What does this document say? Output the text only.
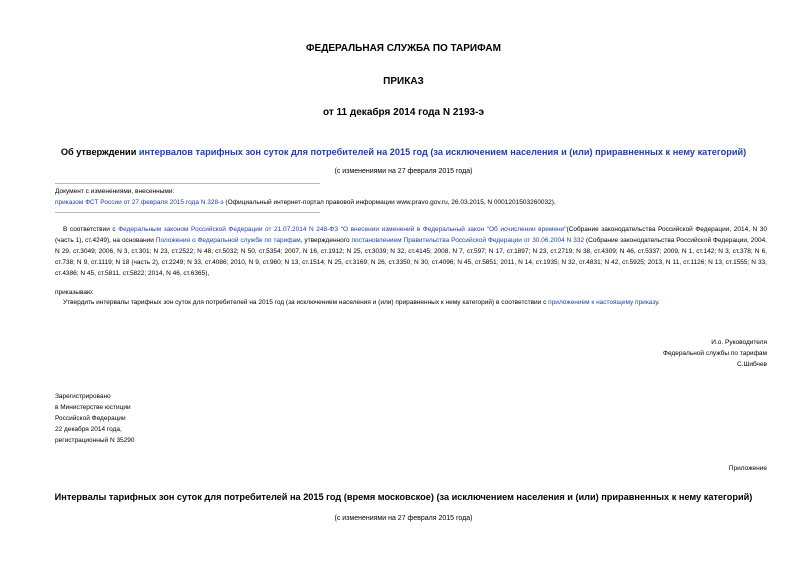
ФЕДЕРАЛЬНАЯ СЛУЖБА ПО ТАРИФАМ
ПРИКАЗ
от 11 декабря 2014 года N 2193-э
Об утверждении интервалов тарифных зон суток для потребителей на 2015 год (за исключением населения и (или) приравненных к нему категорий)
(с изменениями на 27 февраля 2015 года)
Документ с изменениями, внесенными:
приказом ФСТ России от 27 февраля 2015 года N 328-э (Официальный интернет-портал правовой информации www.pravo.gov.ru, 26.03.2015, N 0001201503260032).
В соответствии с Федеральным законом Российской Федерации от 21.07.2014 N 248-ФЗ "О внесении изменений в Федеральный закон "Об исчислении времени"(Собрание законодательства Российской Федерации, 2014, N 30 (часть 1), ст.4249), на основании Положения о Федеральной службе по тарифам, утвержденного постановлением Правительства Российской Федерации от 30.06.2004 N 332 (Собрание законодательства Российской Федерации, 2004, N 29, ст.3049; 2006, N 3, ст.301; N 23, ст.2522; N 48, ст.5032; N 50, ст.5354; 2007, N 16, ст.1912; N 25, ст.3039; N 32, ст.4145; 2008, N 7, ст.597; N 17, ст.1897; N 23, ст.2719; N 38, ст.4309; N 46, ст.5337; 2009, N 1, ст.142; N 3, ст.378; N 6, ст.738; N 9, ст.1119; N 18 (часть 2), ст.2249; N 33, ст.4086; 2010, N 9, ст.960; N 13, ст.1514; N 25, ст.3169; N 26, ст.3350; N 30, ст.4096; N 45, ст.5851; 2011, N 14, ст.1935; N 32, ст.4831; N 42, ст.5925; 2013, N 11, ст.1126; N 13, ст.1555; N 33, ст.4386; N 45, ст.5811, ст.5822; 2014, N 46, ст.6365),
приказываю:
Утвердить интервалы тарифных зон суток для потребителей на 2015 год (за исключением населения и (или) приравненных к нему категорий) в соответствии с приложением к настоящему приказу.
И.о. Руководителя
Федеральной службы по тарифам
С.Шибчев
Зарегистрировано
в Министерстве юстиции
Российской Федерации
22 декабря 2014 года,
регистрационный N 35290
Приложение
Интервалы тарифных зон суток для потребителей на 2015 год (время московское) (за исключением населения и (или) приравненных к нему категорий)
(с изменениями на 27 февраля 2015 года)
